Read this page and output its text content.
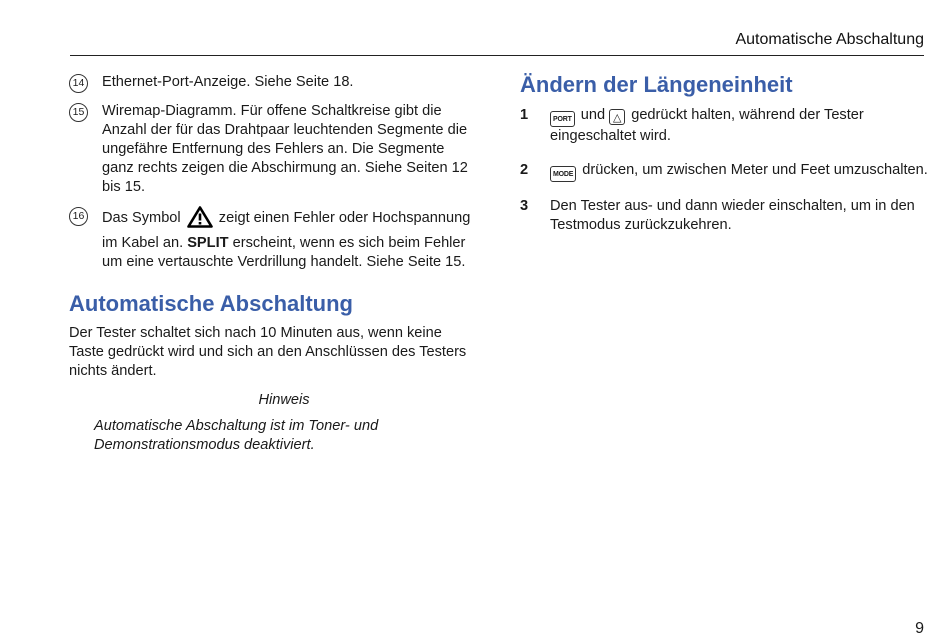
Automatische Abschaltung
14 Ethernet-Port-Anzeige. Siehe Seite 18.
15 Wiremap-Diagramm. Für offene Schaltkreise gibt die Anzahl der für das Drahtpaar leuchtenden Segmente die ungefähre Entfernung des Fehlers an. Die Segmente ganz rechts zeigen die Abschirmung an. Siehe Seiten 12 bis 15.
16 Das Symbol	zeigt einen Fehler oder Hochspannung im Kabel an. SPLIT erscheint, wenn es sich beim Fehler um eine vertauschte Verdrillung handelt. Siehe Seite 15.
Automatische Abschaltung

Der Tester schaltet sich nach 10 Minuten aus, wenn keine Taste gedrückt wird und sich an den Anschlüssen des Testers nichts ändert.

Hinweis
Automatische Abschaltung ist im Toner- und Demonstrationsmodus deaktiviert.
Ändern der Längeneinheit
1	PORT und △ gedrückt halten, während der Tester eingeschaltet wird.
2	MODE drücken, um zwischen Meter und Feet umzuschalten.
3	Den Tester aus- und dann wieder einschalten, um in den Testmodus zurückzukehren.
9
